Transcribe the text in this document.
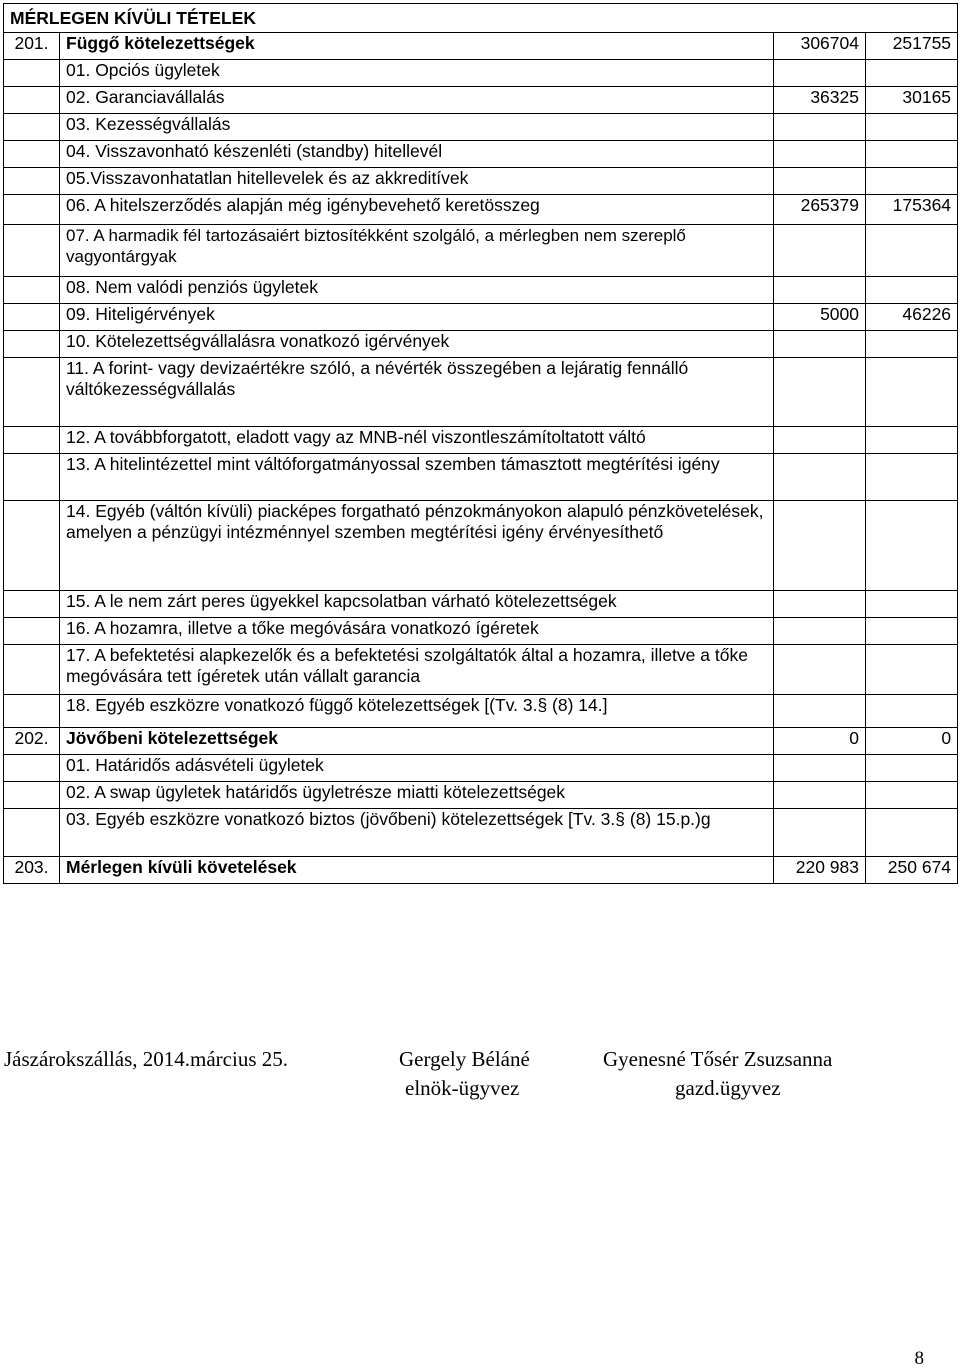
MÉRLEGEN KÍVÜLI TÉTELEK			
201.	Függő kötelezettségek	306704	251755
	01. Opciós ügyletek		
	02. Garanciavállalás	36325	30165
	03. Kezességvállalás		
	04. Visszavonható készenléti (standby) hitellevél		
	05.Visszavonhatatlan hitellevelek és az akkreditívek		
	06. A hitelszerződés alapján még igénybevehető keretösszeg	265379	175364
	07. A harmadik fél tartozásaiért biztosítékként szolgáló, a mérlegben nem szereplő vagyontárgyak		
	08. Nem valódi penziós ügyletek		
	09. Hiteligérvények	5000	46226
	10. Kötelezettségvállalásra vonatkozó igérvények		
	11. A forint- vagy devizaértékre szóló, a névérték összegében a lejáratig fennálló váltókezességvállalás		
	12. A továbbforgatott, eladott vagy az MNB-nél viszontleszámítoltatott váltó		
	13. A hitelintézettel mint váltóforgatmányossal szemben támasztott megtérítési igény		
	14. Egyéb (váltón kívüli) piacképes forgatható pénzokmányokon alapuló pénzkövetelések, amelyen a pénzügyi intézménnyel szemben megtérítési igény érvényesíthető		
	15. A le nem zárt peres ügyekkel kapcsolatban várható kötelezettségek		
	16. A hozamra, illetve a tőke megóvására vonatkozó ígéretek		
	17. A befektetési alapkezelők és a befektetési szolgáltatók által a hozamra, illetve a tőke megóvására tett ígéretek után vállalt garancia		
	18. Egyéb eszközre vonatkozó függő kötelezettségek [(Tv. 3.§ (8) 14.]		
202.	Jövőbeni kötelezettségek	0	0
	01. Határidős adásvételi ügyletek		
	02. A swap ügyletek határidős ügyletrésze miatti kötelezettségek		
	03. Egyéb eszközre vonatkozó biztos (jövőbeni) kötelezettségek [Tv. 3.§ (8) 15.p.)g		
203.	Mérlegen kívüli követelések	220 983	250 674
Jászárokszállás, 2014.március 25.	Gergely Béláné
elnök-ügyvez
Gyenesné Tősér Zsuzsanna
gazd.ügyvez
8
